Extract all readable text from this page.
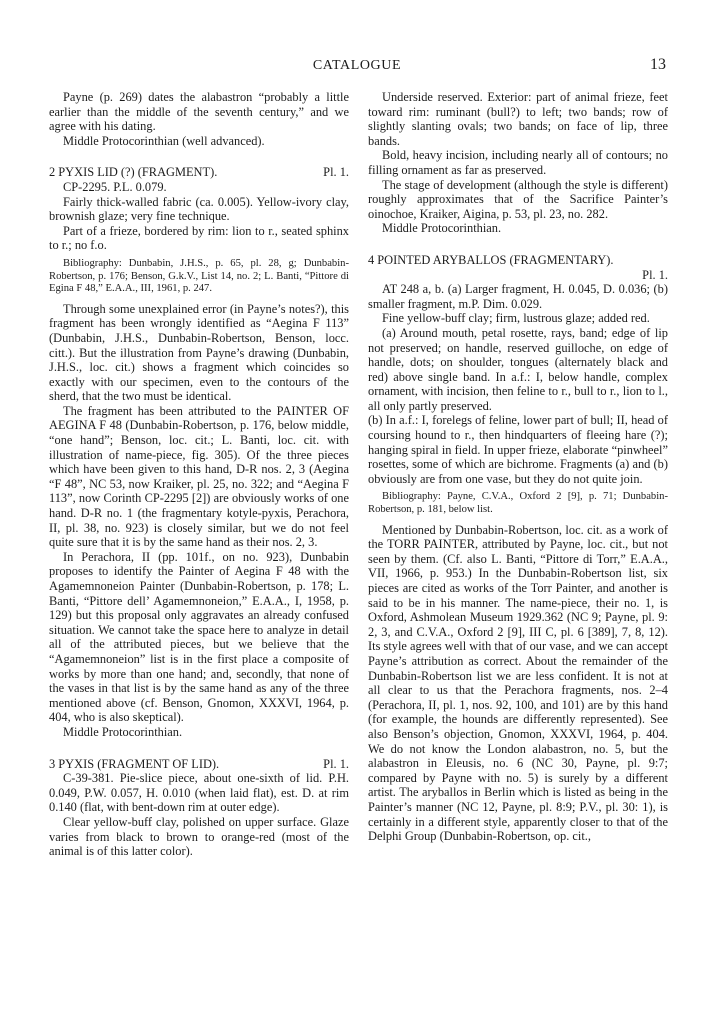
CATALOGUE	13

Payne (p. 269) dates the alabastron “probably a little earlier than the middle of the seventh century,” and we agree with his dating.

Middle Protocorinthian (well advanced).

2 PYXIS LID (?) (FRAGMENT).	Pl. 1.

CP-2295. P.L. 0.079.

Fairly thick-walled fabric (ca. 0.005). Yellow-ivory clay, brownish glaze; very fine technique.

Part of a frieze, bordered by rim: lion to r., seated sphinx to r.; no f.o.

Bibliography: Dunbabin, J.H.S., p. 65, pl. 28, g; Dunbabin-Robertson, p. 176; Benson, G.k.V., List 14, no. 2; L. Banti, “Pittore di Egina F 48,” E.A.A., III, 1961, p. 247.

Through some unexplained error (in Payne’s notes?), this fragment has been wrongly identified as “Aegina F 113” (Dunbabin, J.H.S., Dunbabin-Robertson, Benson, locc. citt.). But the illustration from Payne’s drawing (Dunbabin, J.H.S., loc. cit.) shows a fragment which coincides so exactly with our specimen, even to the contours of the sherd, that the two must be identical.

The fragment has been attributed to the PAINTER OF AEGINA F 48 (Dunbabin-Robertson, p. 176, below middle, “one hand”; Benson, loc. cit.; L. Banti, loc. cit. with illustration of name-piece, fig. 305). Of the three pieces which have been given to this hand, D-R nos. 2, 3 (Aegina “F 48”, NC 53, now Kraiker, pl. 25, no. 322; and “Aegina F 113”, now Corinth CP-2295 [2]) are obviously works of one hand. D-R no. 1 (the fragmentary kotyle-pyxis, Perachora, II, pl. 38, no. 923) is closely similar, but we do not feel quite sure that it is by the same hand as their nos. 2, 3.

In Perachora, II (pp. 101f., on no. 923), Dunbabin proposes to identify the Painter of Aegina F 48 with the Agamemnoneion Painter (Dunbabin-Robertson, p. 178; L. Banti, “Pittore dell’ Agamemnoneion,” E.A.A., I, 1958, p. 129) but this proposal only aggravates an already confused situation. We cannot take the space here to analyze in detail all of the attributed pieces, but we believe that the “Agamemnoneion” list is in the first place a composite of works by more than one hand; and, secondly, that none of the vases in that list is by the same hand as any of the three mentioned above (cf. Benson, Gnomon, XXXVI, 1964, p. 404, who is also skeptical).

Middle Protocorinthian.

3 PYXIS (FRAGMENT OF LID).	Pl. 1.

C-39-381. Pie-slice piece, about one-sixth of lid. P.H. 0.049, P.W. 0.057, H. 0.010 (when laid flat), est. D. at rim 0.140 (flat, with bent-down rim at outer edge).

Clear yellow-buff clay, polished on upper surface. Glaze varies from black to brown to orange-red (most of the animal is of this latter color).

Underside reserved. Exterior: part of animal frieze, feet toward rim: ruminant (bull?) to left; two bands; row of slightly slanting ovals; two bands; on face of lip, three bands.

Bold, heavy incision, including nearly all of contours; no filling ornament as far as preserved.

The stage of development (although the style is different) roughly approximates that of the Sacrifice Painter’s oinochoe, Kraiker, Aigina, p. 53, pl. 23, no. 282.

Middle Protocorinthian.

4 POINTED ARYBALLOS (FRAGMENTARY).
Pl. 1.

AT 248 a, b. (a) Larger fragment, H. 0.045, D. 0.036; (b) smaller fragment, m.P. Dim. 0.029.

Fine yellow-buff clay; firm, lustrous glaze; added red.

(a) Around mouth, petal rosette, rays, band; edge of lip not preserved; on handle, reserved guilloche, on edge of handle, dots; on shoulder, tongues (alternately black and red) above single band. In a.f.: I, below handle, complex ornament, with incision, then feline to r., bull to r., lion to l., all only partly preserved.

(b) In a.f.: I, forelegs of feline, lower part of bull; II, head of coursing hound to r., then hindquarters of fleeing hare (?); hanging spiral in field. In upper frieze, elaborate “pinwheel” rosettes, some of which are bichrome. Fragments (a) and (b) obviously are from one vase, but they do not quite join.

Bibliography: Payne, C.V.A., Oxford 2 [9], p. 71; Dunbabin-Robertson, p. 181, below list.

Mentioned by Dunbabin-Robertson, loc. cit. as a work of the TORR PAINTER, attributed by Payne, loc. cit., but not seen by them. (Cf. also L. Banti, “Pittore di Torr,” E.A.A., VII, 1966, p. 953.) In the Dunbabin-Robertson list, six pieces are cited as works of the Torr Painter, and another is said to be in his manner. The name-piece, their no. 1, is Oxford, Ashmolean Museum 1929.362 (NC 9; Payne, pl. 9: 2, 3, and C.V.A., Oxford 2 [9], III C, pl. 6 [389], 7, 8, 12). Its style agrees well with that of our vase, and we can accept Payne’s attribution as correct. About the remainder of the Dunbabin-Robertson list we are less confident. It is not at all clear to us that the Perachora fragments, nos. 2–4 (Perachora, II, pl. 1, nos. 92, 100, and 101) are by this hand (for example, the hounds are differently represented). See also Benson’s objection, Gnomon, XXXVI, 1964, p. 404. We do not know the London alabastron, no. 5, but the alabastron in Eleusis, no. 6 (NC 30, Payne, pl. 9:7; compared by Payne with no. 5) is surely by a different artist. The aryballos in Berlin which is listed as being in the Painter’s manner (NC 12, Payne, pl. 8:9; P.V., pl. 30: 1), is certainly in a different style, apparently closer to that of the Delphi Group (Dunbabin-Robertson, op. cit.,
